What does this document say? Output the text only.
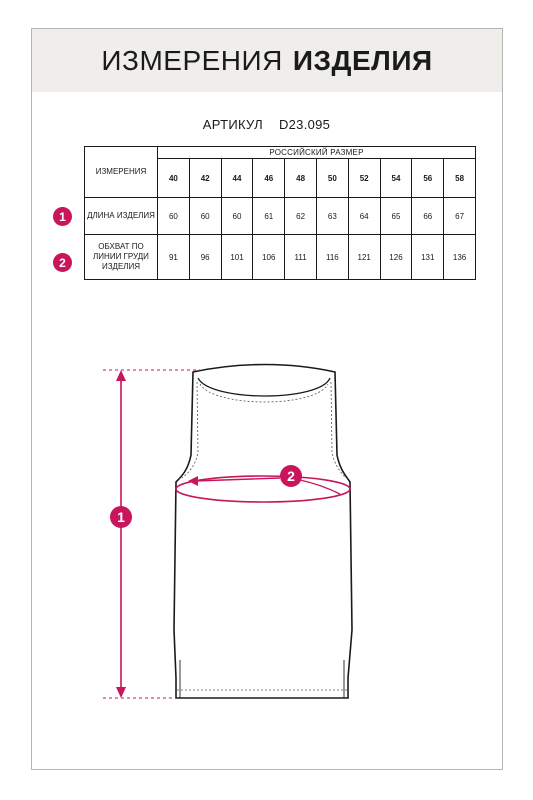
ИЗМЕРЕНИЯ ИЗДЕЛИЯ
АРТИКУЛ D23.095
ИЗМЕРЕНИЯ	РОССИЙСКИЙ РАЗМЕР									
	40	42	44	46	48	50	52	54	56	58
ДЛИНА ИЗДЕЛИЯ	60	60	60	61	62	63	64	65	66	67
ОБХВАТ ПО ЛИНИИ ГРУДИ ИЗДЕЛИЯ	91	96	101	106	111	116	121	126	131	136
1
2
1
2
